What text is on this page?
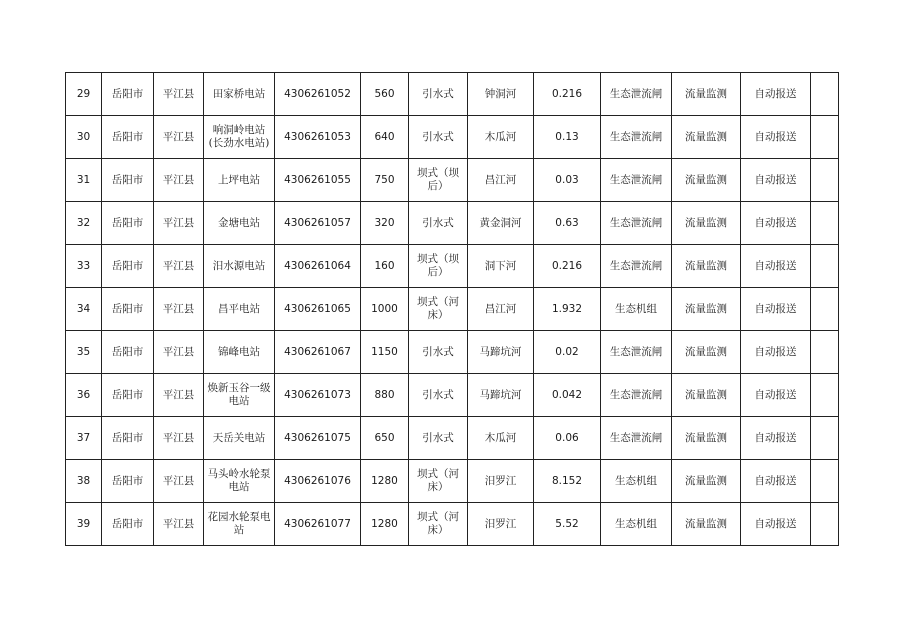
29	岳阳市	平江县	田家桥电站	4306261052	560	引水式	钟洞河	0.216	生态泄流闸	流量监测	自动报送	
30	岳阳市	平江县	响洞岭电站(长劲水电站)	4306261053	640	引水式	木瓜河	0.13	生态泄流闸	流量监测	自动报送	
31	岳阳市	平江县	上坪电站	4306261055	750	坝式（坝后）	昌江河	0.03	生态泄流闸	流量监测	自动报送	
32	岳阳市	平江县	金塘电站	4306261057	320	引水式	黄金洞河	0.63	生态泄流闸	流量监测	自动报送	
33	岳阳市	平江县	汨水源电站	4306261064	160	坝式（坝后）	洞下河	0.216	生态泄流闸	流量监测	自动报送	
34	岳阳市	平江县	昌平电站	4306261065	1000	坝式（河床）	昌江河	1.932	生态机组	流量监测	自动报送	
35	岳阳市	平江县	锦峰电站	4306261067	1150	引水式	马蹄坑河	0.02	生态泄流闸	流量监测	自动报送	
36	岳阳市	平江县	焕新玉谷一级电站	4306261073	880	引水式	马蹄坑河	0.042	生态泄流闸	流量监测	自动报送	
37	岳阳市	平江县	天岳关电站	4306261075	650	引水式	木瓜河	0.06	生态泄流闸	流量监测	自动报送	
38	岳阳市	平江县	马头岭水轮泵电站	4306261076	1280	坝式（河床）	汨罗江	8.152	生态机组	流量监测	自动报送	
39	岳阳市	平江县	花园水轮泵电站	4306261077	1280	坝式（河床）	汨罗江	5.52	生态机组	流量监测	自动报送	
